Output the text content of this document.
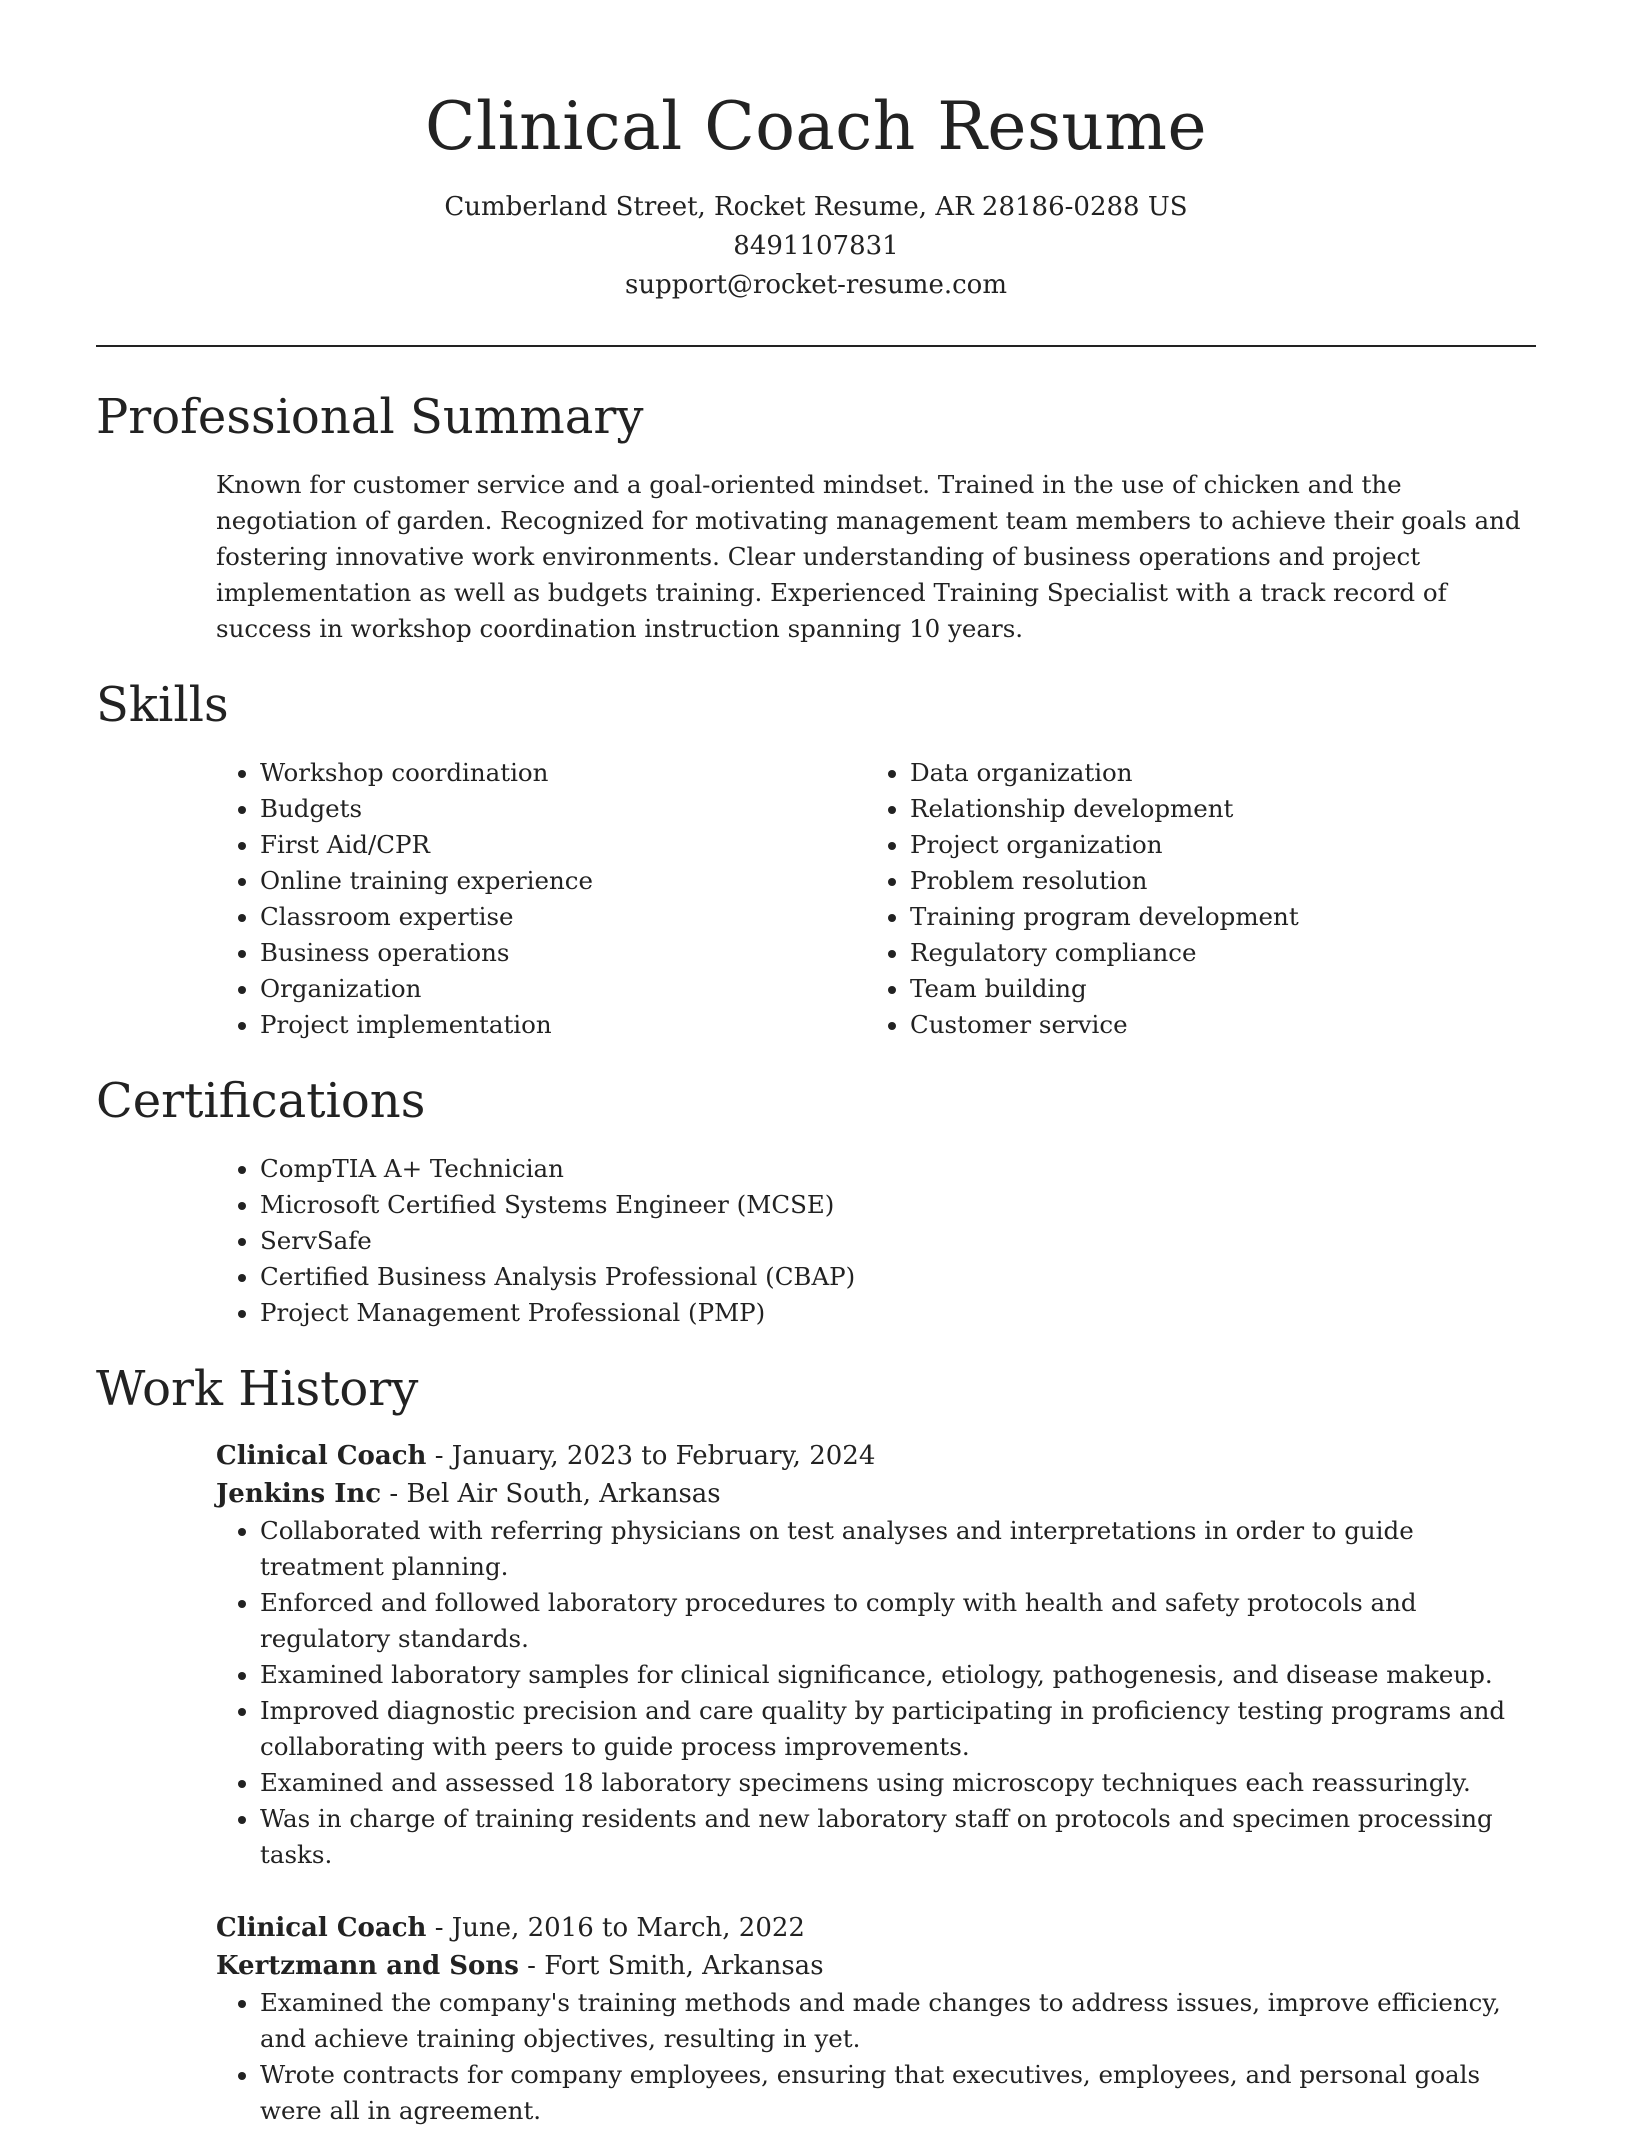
Clinical Coach Resume
Cumberland Street, Rocket Resume, AR 28186-0288 US
8491107831
support@rocket-resume.com
Professional Summary

Known for customer service and a goal-oriented mindset. Trained in the use of chicken and the negotiation of garden. Recognized for motivating management team members to achieve their goals and fostering innovative work environments. Clear understanding of business operations and project implementation as well as budgets training. Experienced Training Specialist with a track record of success in workshop coordination instruction spanning 10 years.

Skills
• Workshop coordination
• Budgets
• First Aid/CPR
• Online training experience
• Classroom expertise
• Business operations
• Organization
• Project implementation
• Data organization
• Relationship development
• Project organization
• Problem resolution
• Training program development
• Regulatory compliance
• Team building
• Customer service
Certifications
• CompTIA A+ Technician
• Microsoft Certified Systems Engineer (MCSE)
• ServSafe
• Certified Business Analysis Professional (CBAP)
• Project Management Professional (PMP)
Work History
Clinical Coach - January, 2023 to February, 2024
Jenkins Inc - Bel Air South, Arkansas
• Collaborated with referring physicians on test analyses and interpretations in order to guide treatment planning.
• Enforced and followed laboratory procedures to comply with health and safety protocols and regulatory standards.
• Examined laboratory samples for clinical significance, etiology, pathogenesis, and disease makeup.
• Improved diagnostic precision and care quality by participating in proficiency testing programs and collaborating with peers to guide process improvements.
• Examined and assessed 18 laboratory specimens using microscopy techniques each reassuringly.
• Was in charge of training residents and new laboratory staff on protocols and specimen processing tasks.
Clinical Coach - June, 2016 to March, 2022
Kertzmann and Sons - Fort Smith, Arkansas
• Examined the company's training methods and made changes to address issues, improve efficiency, and achieve training objectives, resulting in yet.
• Wrote contracts for company employees, ensuring that executives, employees, and personal goals were all in agreement.
